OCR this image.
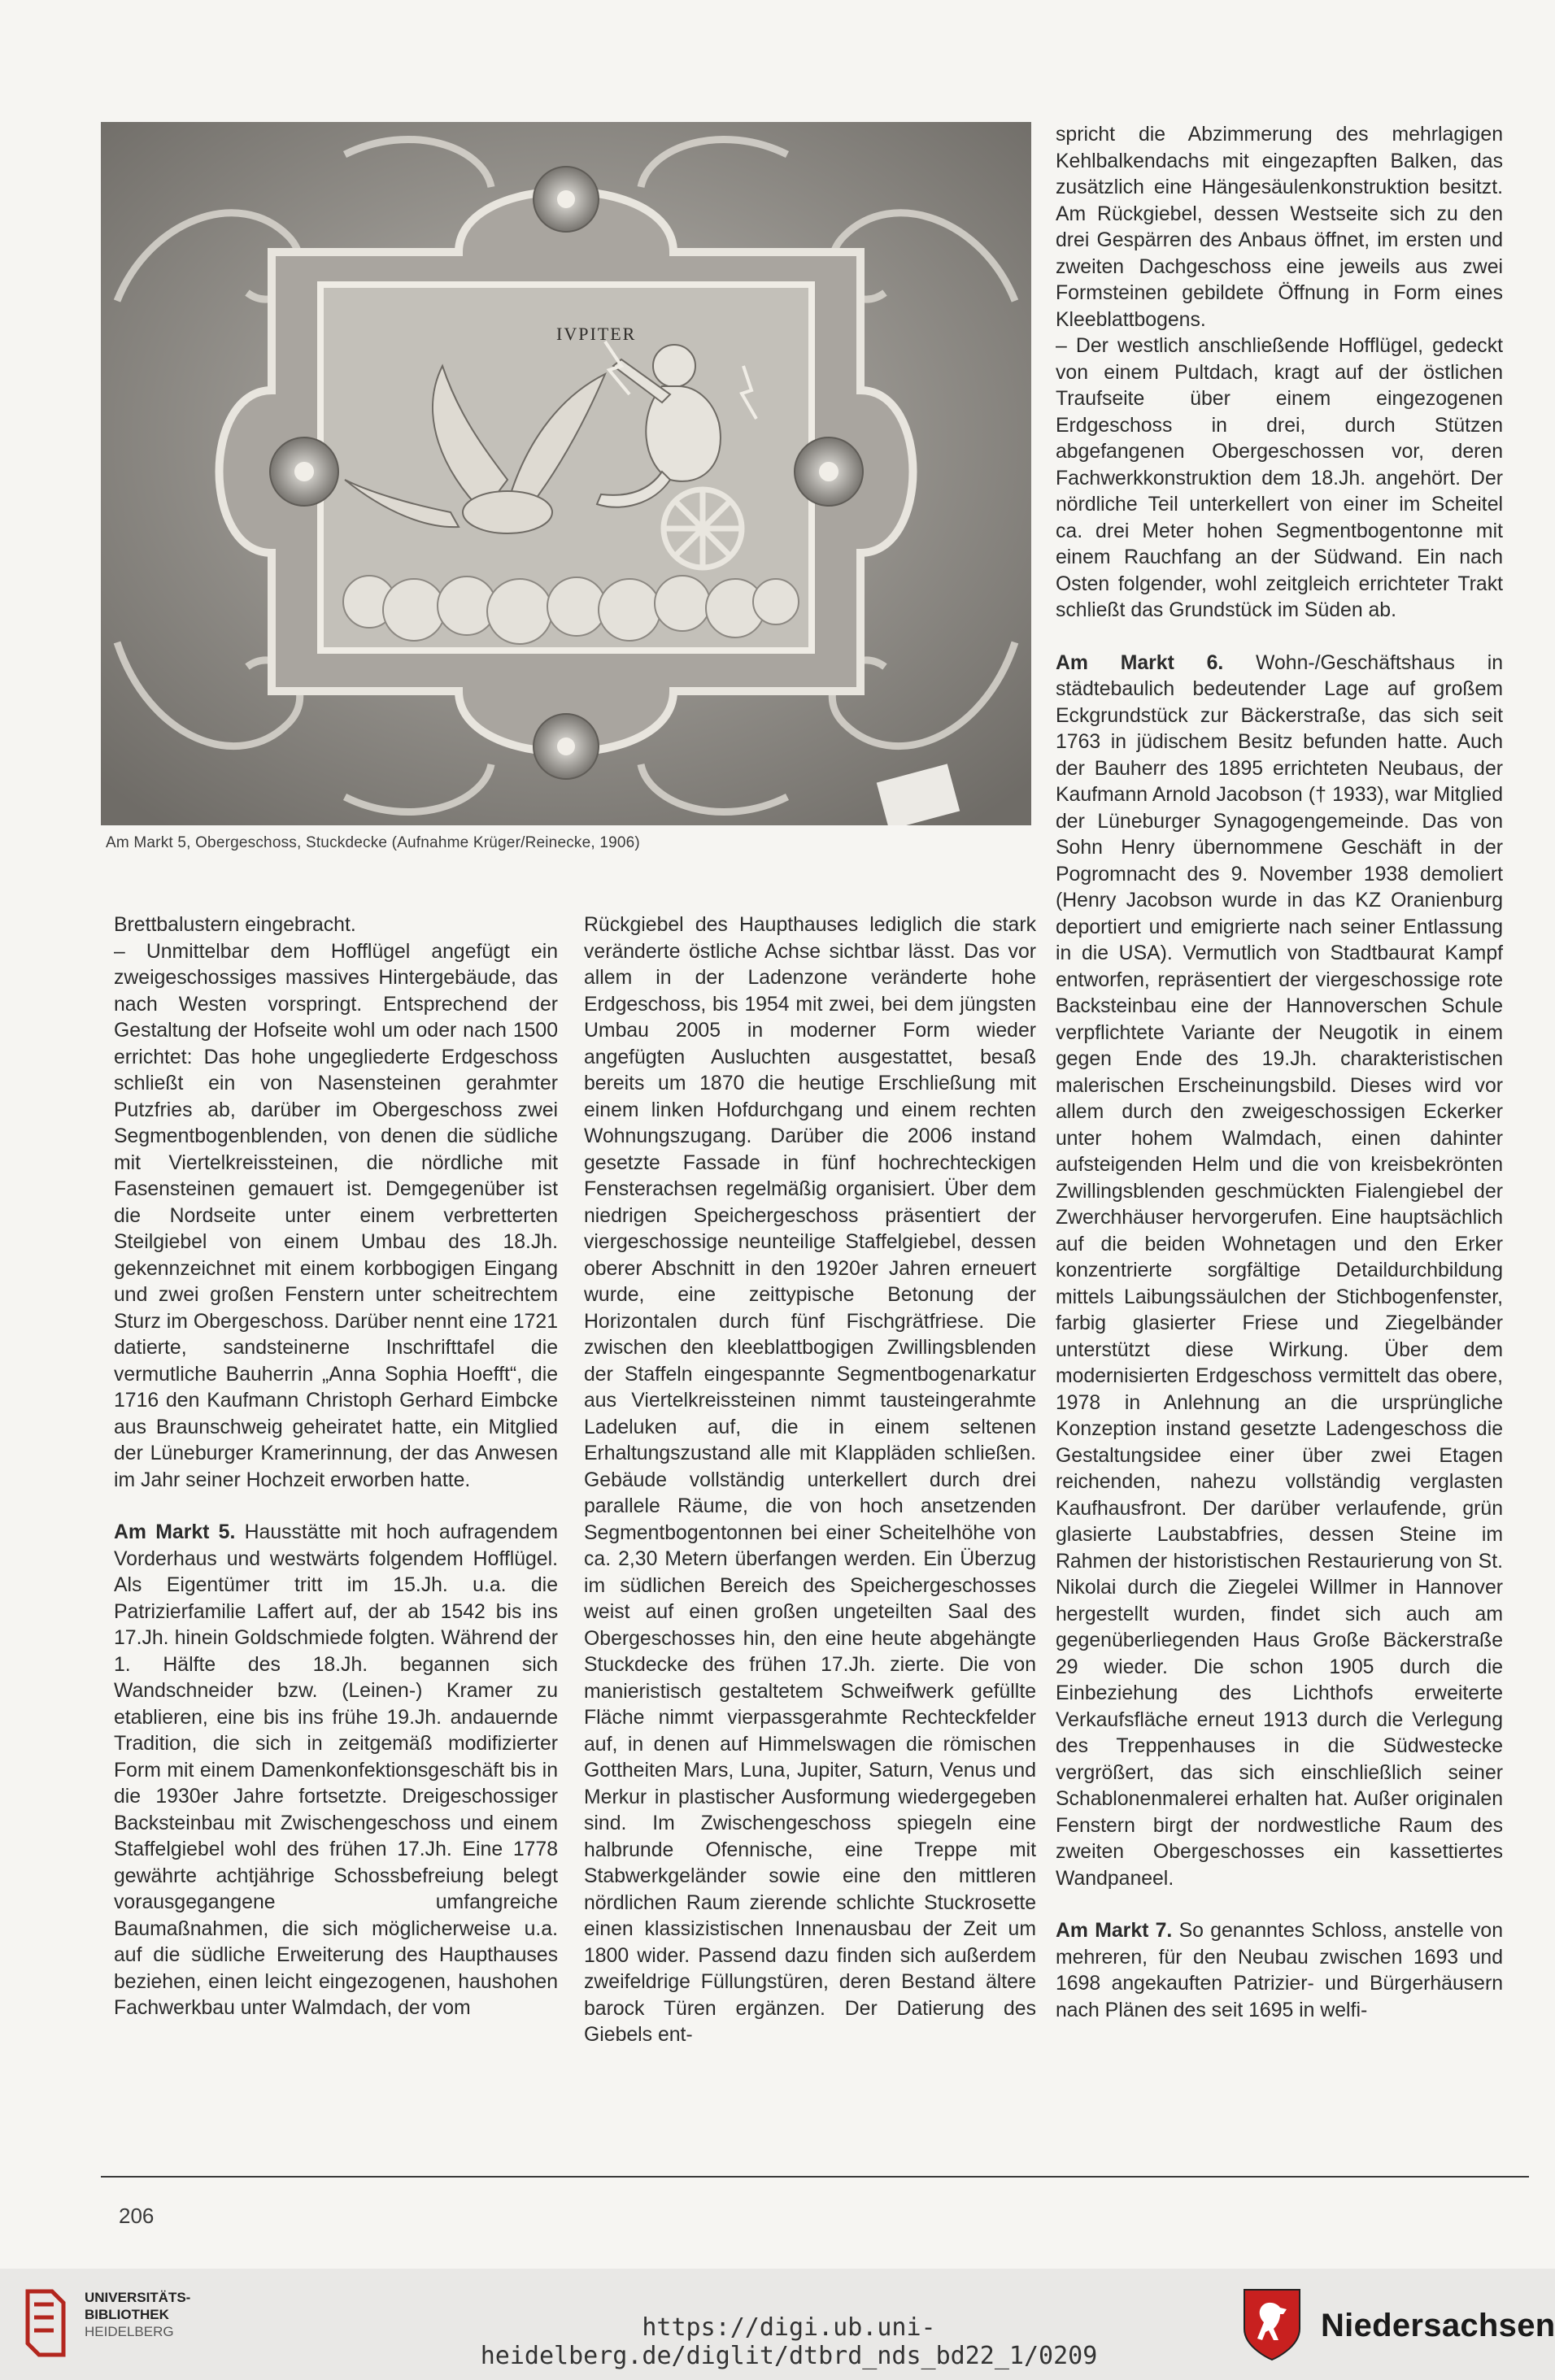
IVPITER
Am Markt 5, Obergeschoss, Stuckdecke (Aufnahme Krüger/Reinecke, 1906)

Brettbalustern eingebracht.

– Unmittelbar dem Hofflügel angefügt ein zweigeschossiges massives Hintergebäude, das nach Westen vorspringt. Entsprechend der Gestaltung der Hofseite wohl um oder nach 1500 errichtet: Das hohe ungegliederte Erdgeschoss schließt ein von Nasensteinen gerahmter Putzfries ab, darüber im Obergeschoss zwei Segmentbogenblenden, von denen die südliche mit Viertelkreissteinen, die nördliche mit Fasensteinen gemauert ist. Demgegenüber ist die Nordseite unter einem verbretterten Steilgiebel von einem Umbau des 18.Jh. gekennzeichnet mit einem korbbogigen Eingang und zwei großen Fenstern unter scheitrechtem Sturz im Obergeschoss. Darüber nennt eine 1721 datierte, sandsteinerne Inschrifttafel die vermutliche Bauherrin „Anna Sophia Hoefft“, die 1716 den Kaufmann Christoph Gerhard Eimbcke aus Braunschweig geheiratet hatte, ein Mitglied der Lüneburger Kramerinnung, der das Anwesen im Jahr seiner Hochzeit erworben hatte.

Am Markt 5. Hausstätte mit hoch aufragendem Vorderhaus und westwärts folgendem Hofflügel. Als Eigentümer tritt im 15.Jh. u.a. die Patrizierfamilie Laffert auf, der ab 1542 bis ins 17.Jh. hinein Goldschmiede folgten. Während der 1. Hälfte des 18.Jh. begannen sich Wandschneider bzw. (Leinen-) Kramer zu etablieren, eine bis ins frühe 19.Jh. andauernde Tradition, die sich in zeitgemäß modifizierter Form mit einem Damenkonfektionsgeschäft bis in die 1930er Jahre fortsetzte. Dreigeschossiger Backsteinbau mit Zwischengeschoss und einem Staffelgiebel wohl des frühen 17.Jh. Eine 1778 gewährte achtjährige Schossbefreiung belegt vorausgegangene umfangreiche Baumaßnahmen, die sich möglicherweise u.a. auf die südliche Erweiterung des Haupthauses beziehen, einen leicht eingezogenen, haushohen Fachwerkbau unter Walmdach, der vom

Rückgiebel des Haupthauses lediglich die stark veränderte östliche Achse sichtbar lässt. Das vor allem in der Ladenzone veränderte hohe Erdgeschoss, bis 1954 mit zwei, bei dem jüngsten Umbau 2005 in moderner Form wieder angefügten Ausluchten ausgestattet, besaß bereits um 1870 die heutige Erschließung mit einem linken Hofdurchgang und einem rechten Wohnungszugang. Darüber die 2006 instand gesetzte Fassade in fünf hochrechteckigen Fensterachsen regelmäßig organisiert. Über dem niedrigen Speichergeschoss präsentiert der viergeschossige neunteilige Staffelgiebel, dessen oberer Abschnitt in den 1920er Jahren erneuert wurde, eine zeittypische Betonung der Horizontalen durch fünf Fischgrätfriese. Die zwischen den kleeblattbogigen Zwillingsblenden der Staffeln eingespannte Segmentbogenarkatur aus Viertelkreissteinen nimmt tausteingerahmte Ladeluken auf, die in einem seltenen Erhaltungszustand alle mit Klappläden schließen. Gebäude vollständig unterkellert durch drei parallele Räume, die von hoch ansetzenden Segmentbogentonnen bei einer Scheitelhöhe von ca. 2,30 Metern überfangen werden. Ein Überzug im südlichen Bereich des Speichergeschosses weist auf einen großen ungeteilten Saal des Obergeschosses hin, den eine heute abgehängte Stuckdecke des frühen 17.Jh. zierte. Die von manieristisch gestaltetem Schweifwerk gefüllte Fläche nimmt vierpassgerahmte Rechteckfelder auf, in denen auf Himmelswagen die römischen Gottheiten Mars, Luna, Jupiter, Saturn, Venus und Merkur in plastischer Ausformung wiedergegeben sind. Im Zwischengeschoss spiegeln eine halbrunde Ofennische, eine Treppe mit Stabwerkgeländer sowie eine den mittleren nördlichen Raum zierende schlichte Stuckrosette einen klassizistischen Innenausbau der Zeit um 1800 wider. Passend dazu finden sich außerdem zweifeldrige Füllungstüren, deren Bestand ältere barock Türen ergänzen. Der Datierung des Giebels ent-

spricht die Abzimmerung des mehrlagigen Kehlbalkendachs mit eingezapften Balken, das zusätzlich eine Hängesäulenkonstruktion besitzt. Am Rückgiebel, dessen Westseite sich zu den drei Gespärren des Anbaus öffnet, im ersten und zweiten Dachgeschoss eine jeweils aus zwei Formsteinen gebildete Öffnung in Form eines Kleeblattbogens.

– Der westlich anschließende Hofflügel, gedeckt von einem Pultdach, kragt auf der östlichen Traufseite über einem eingezogenen Erdgeschoss in drei, durch Stützen abgefangenen Obergeschossen vor, deren Fachwerkkonstruktion dem 18.Jh. angehört. Der nördliche Teil unterkellert von einer im Scheitel ca. drei Meter hohen Segmentbogentonne mit einem Rauchfang an der Südwand. Ein nach Osten folgender, wohl zeitgleich errichteter Trakt schließt das Grundstück im Süden ab.

Am Markt 6. Wohn-/Geschäftshaus in städtebaulich bedeutender Lage auf großem Eckgrundstück zur Bäckerstraße, das sich seit 1763 in jüdischem Besitz befunden hatte. Auch der Bauherr des 1895 errichteten Neubaus, der Kaufmann Arnold Jacobson († 1933), war Mitglied der Lüneburger Synagogengemeinde. Das von Sohn Henry übernommene Geschäft in der Pogromnacht des 9. November 1938 demoliert (Henry Jacobson wurde in das KZ Oranienburg deportiert und emigrierte nach seiner Entlassung in die USA). Vermutlich von Stadtbaurat Kampf entworfen, repräsentiert der viergeschossige rote Backsteinbau eine der Hannoverschen Schule verpflichtete Variante der Neugotik in einem gegen Ende des 19.Jh. charakteristischen malerischen Erscheinungsbild. Dieses wird vor allem durch den zweigeschossigen Eckerker unter hohem Walmdach, einen dahinter aufsteigenden Helm und die von kreisbekrönten Zwillingsblenden geschmückten Fialengiebel der Zwerchhäuser hervorgerufen. Eine hauptsächlich auf die beiden Wohnetagen und den Erker konzentrierte sorgfältige Detaildurchbildung mittels Laibungssäulchen der Stichbogenfenster, farbig glasierter Friese und Ziegelbänder unterstützt diese Wirkung. Über dem modernisierten Erdgeschoss vermittelt das obere, 1978 in Anlehnung an die ursprüngliche Konzeption instand gesetzte Ladengeschoss die Gestaltungsidee einer über zwei Etagen reichenden, nahezu vollständig verglasten Kaufhausfront. Der darüber verlaufende, grün glasierte Laubstabfries, dessen Steine im Rahmen der historistischen Restaurierung von St. Nikolai durch die Ziegelei Willmer in Hannover hergestellt wurden, findet sich auch am gegenüberliegenden Haus Große Bäckerstraße 29 wieder. Die schon 1905 durch die Einbeziehung des Lichthofs erweiterte Verkaufsfläche erneut 1913 durch die Verlegung des Treppenhauses in die Südwestecke vergrößert, das sich einschließlich seiner Schablonenmalerei erhalten hat. Außer originalen Fenstern birgt der nordwestliche Raum des zweiten Obergeschosses ein kassettiertes Wandpaneel.

Am Markt 7. So genanntes Schloss, anstelle von mehreren, für den Neubau zwischen 1693 und 1698 angekauften Patrizier- und Bürgerhäusern nach Plänen des seit 1695 in welfi-

206
UNIVERSITÄTS-
BIBLIOTHEK
HEIDELBERG	https://digi.ub.uni-heidelberg.de/diglit/dtbrd_nds_bd22_1/0209
Niedersachsen
